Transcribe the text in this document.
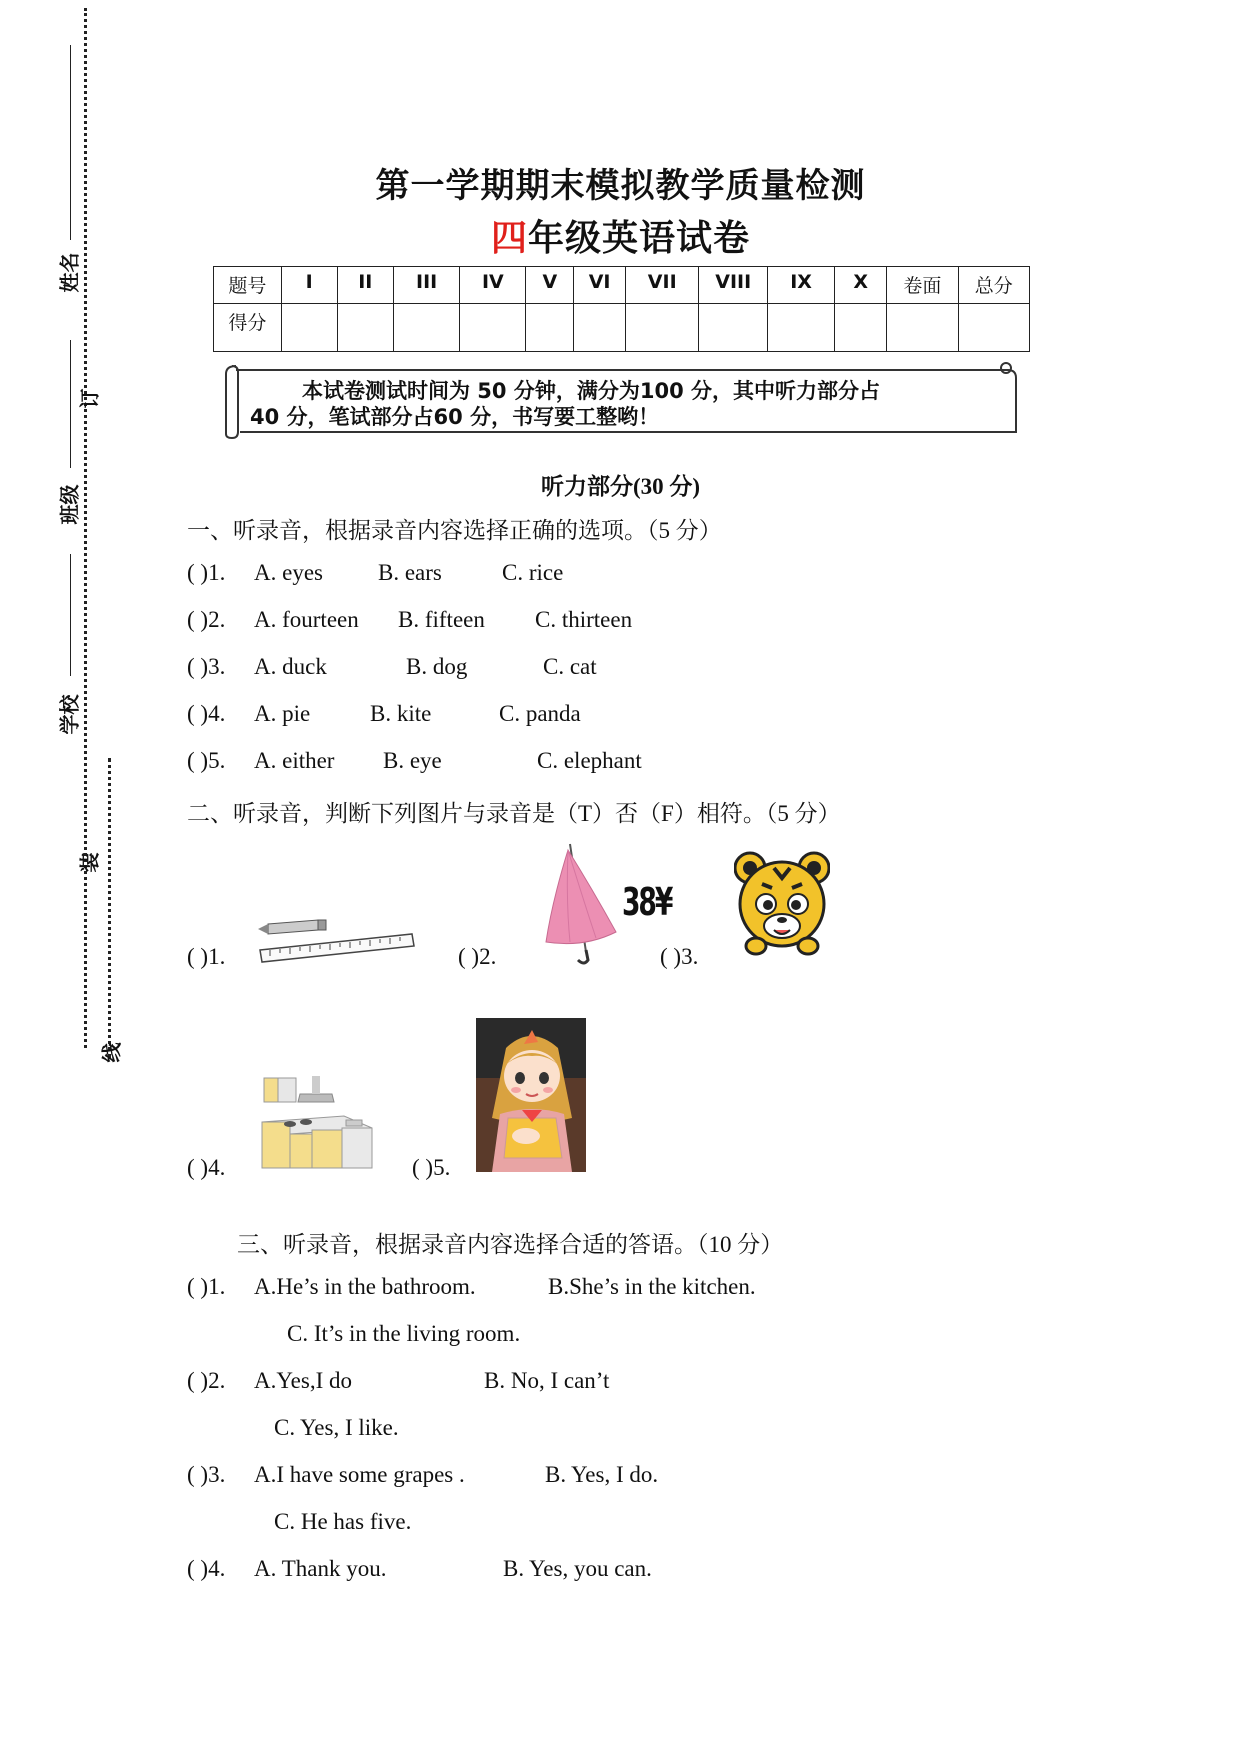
姓名
订
班级
学校
装
线
第一学期期末模拟教学质量检测
四年级英语试卷
题号	I	II	III	IV	V	VI	VII	VIII	IX	X	卷面	总分
得分												
本试卷测试时间为 50 分钟，满分为100 分，其中听力部分占
40 分，笔试部分占60 分，书写要工整哟！
听力部分(30 分)
一、听录音，根据录音内容选择正确的选项。（5 分）
( )1. A. eyes B. ears	C. rice
( )2. A. fourteen B. fifteen C. thirteen
( )3. A. duck	B. dog	C. cat
( )4. A. pie	B. kite	C. panda
( )5. A. either B. eye	C. elephant
二、听录音，判断下列图片与录音是（T）否（F）相符。（5 分）
( )1.	( )2.
38¥
( )3.
( )4.	( )5.
三、听录音，根据录音内容选择合适的答语。（10 分）
( )1. A.He’s in the bathroom.	B.She’s in the kitchen.
C. It’s in the living room.
( )2. A.Yes,I do	B. No, I can’t
C. Yes, I like.
( )3. A.I have some grapes .	B. Yes, I do.
C. He has five.
( )4. A. Thank you.	B. Yes, you can.
